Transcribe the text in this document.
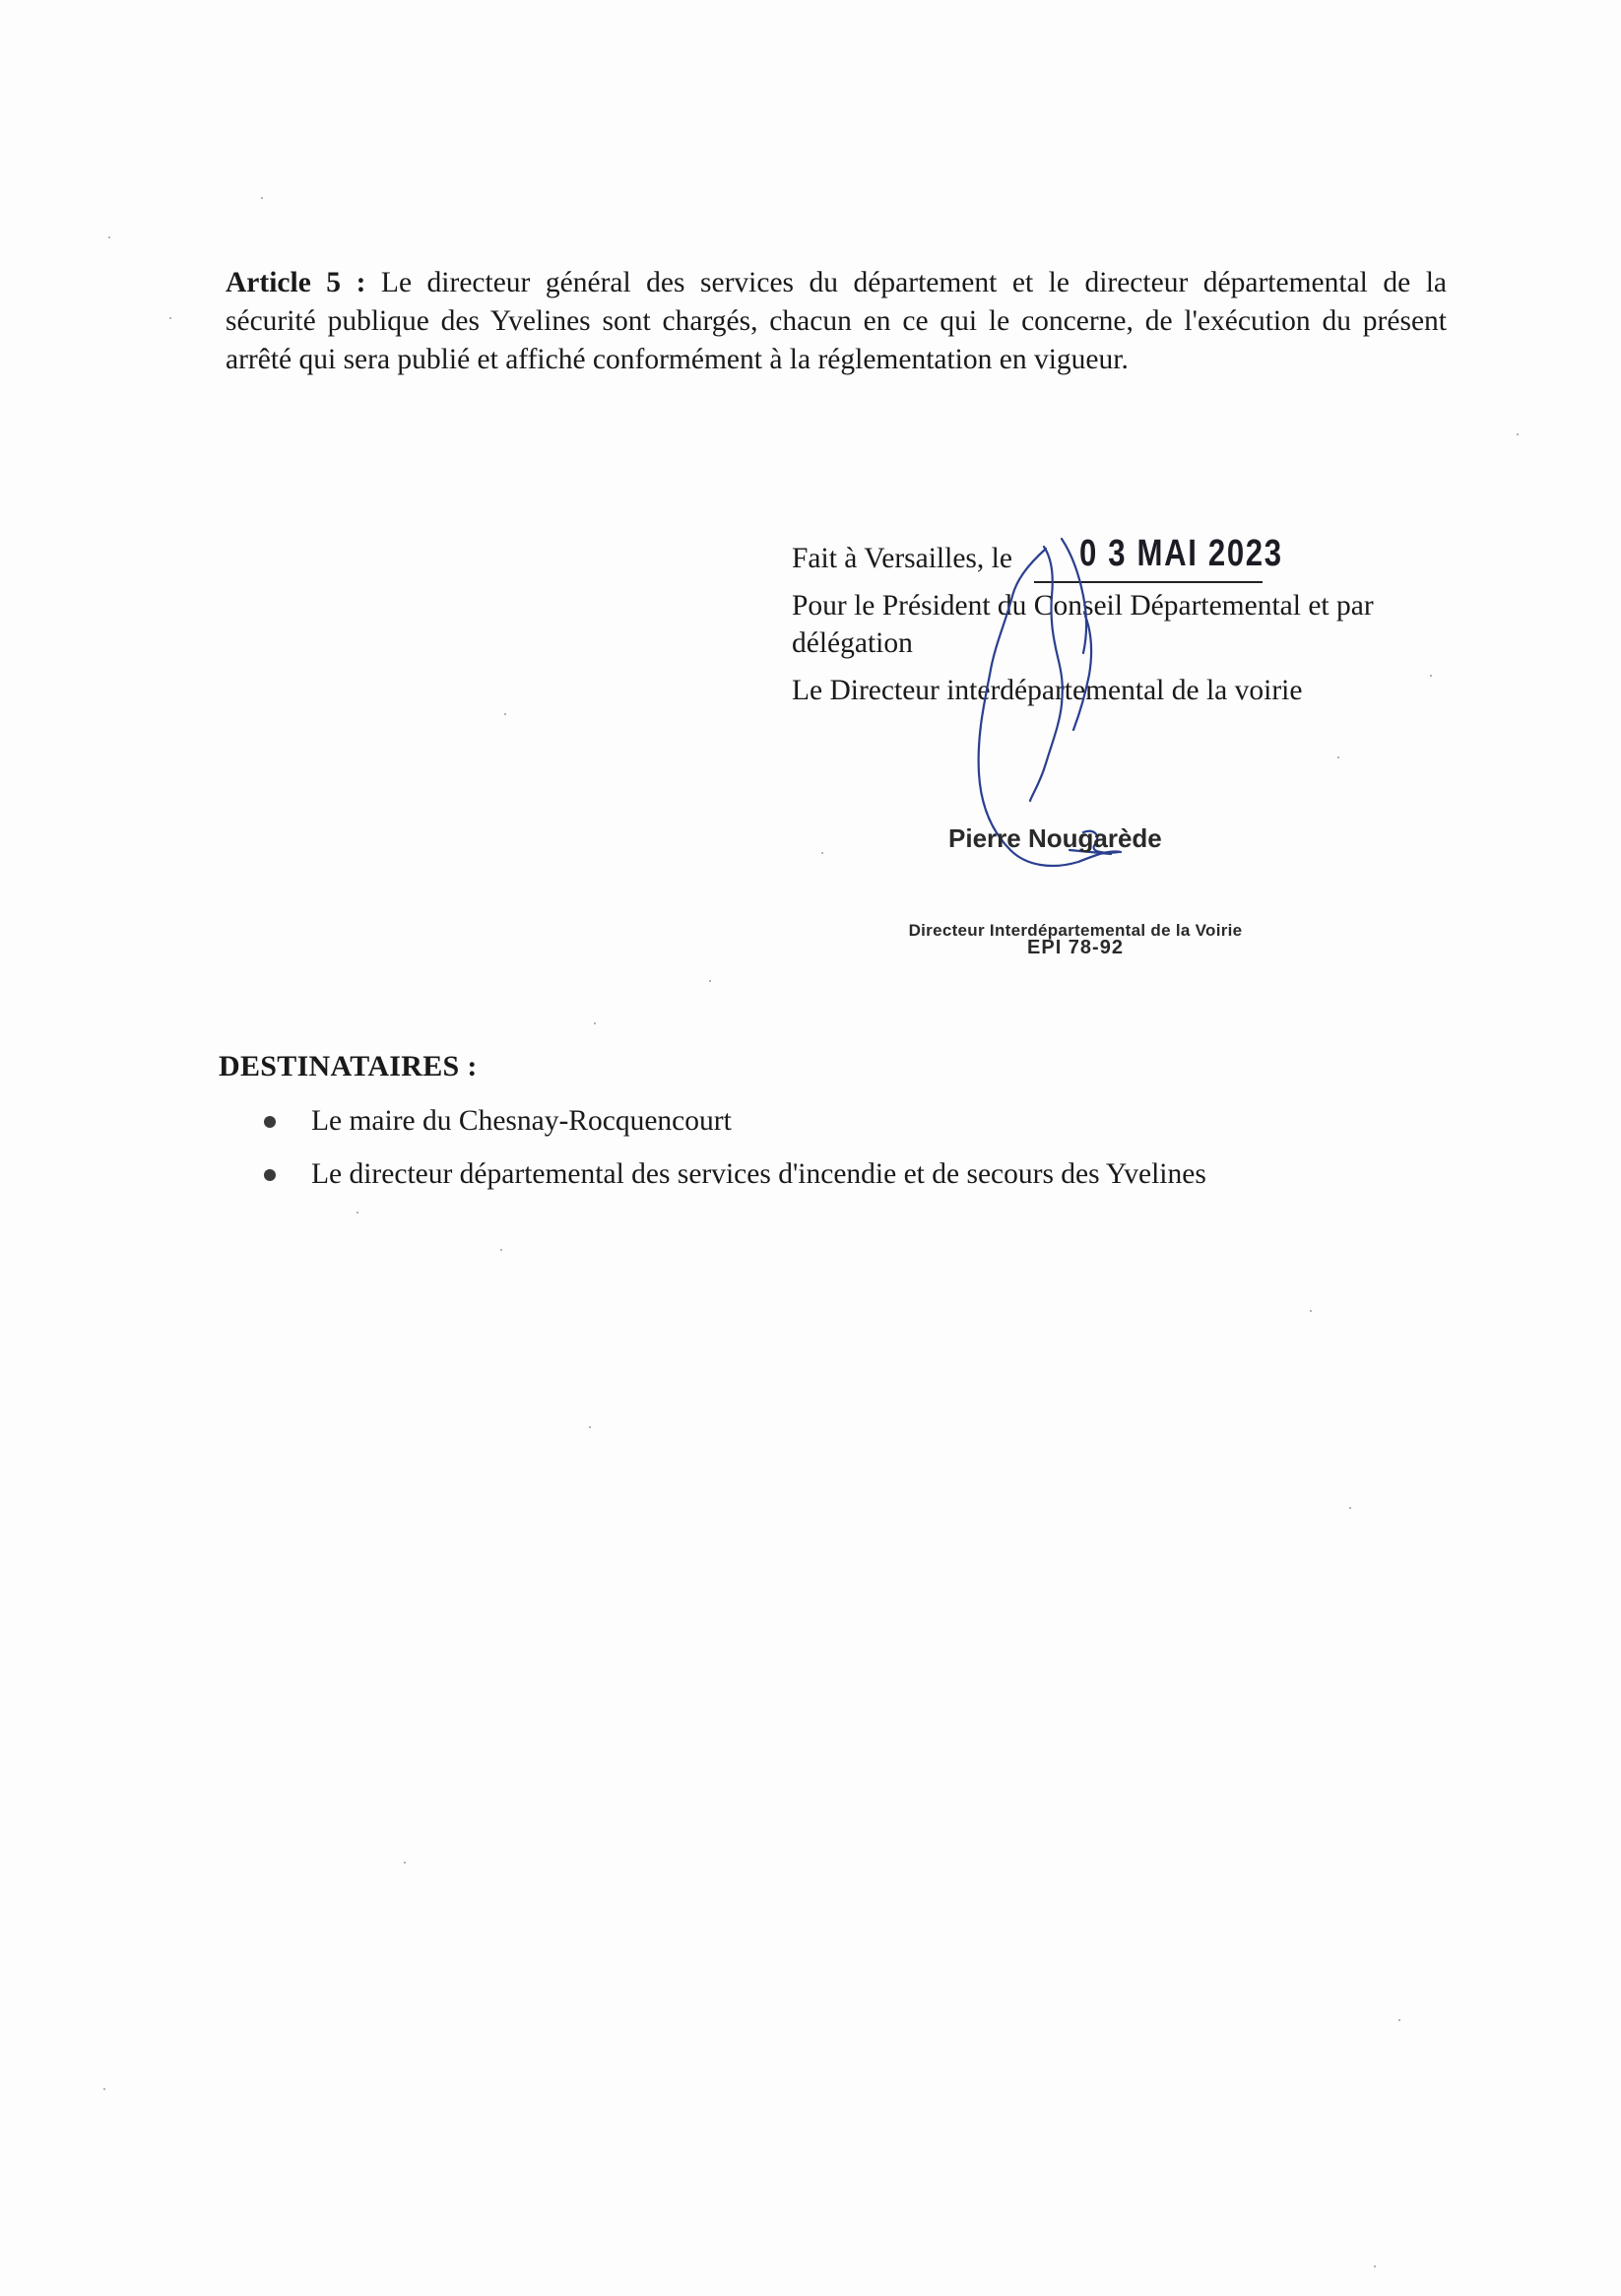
Article 5 : Le directeur général des services du département et le directeur départemental de la
sécurité publique des Yvelines sont chargés, chacun en ce qui le concerne, de l'exécution du présent
arrêté qui sera publié et affiché conformément à la réglementation en vigueur.
Fait à Versailles, le 0 3 MAI 2023
Pour le Président du Conseil Départemental et par
délégation
Le Directeur interdépartemental de la voirie
Pierre Nougarède
Directeur Interdépartemental de la Voirie
EPI 78-92
DESTINATAIRES :
Le maire du Chesnay-Rocquencourt
Le directeur départemental des services d'incendie et de secours des Yvelines
